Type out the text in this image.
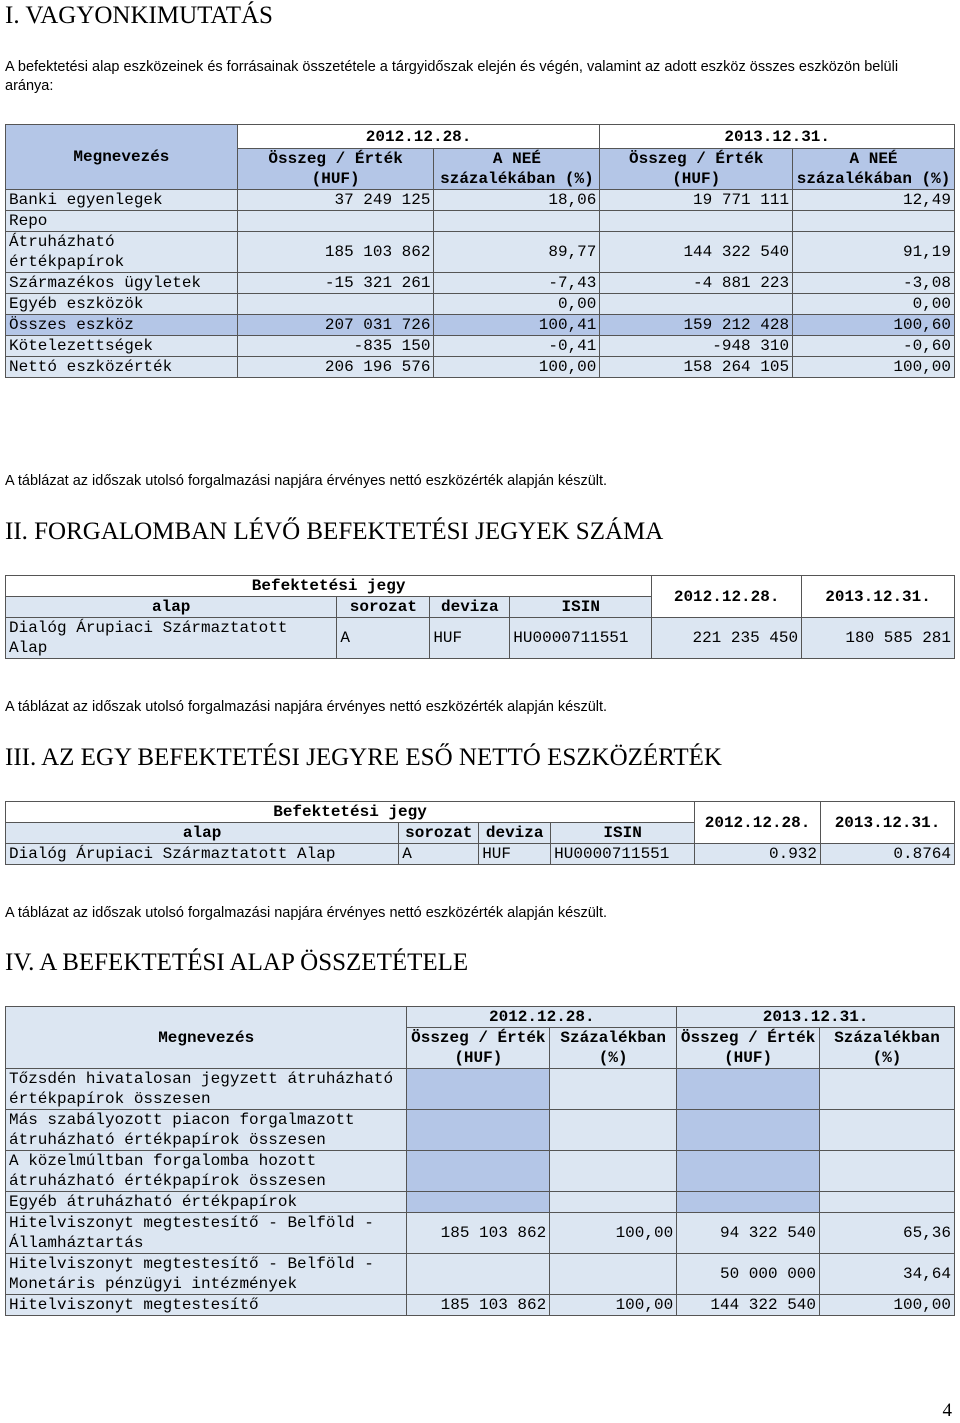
I. VAGYONKIMUTATÁS
A befektetési alap eszközeinek és forrásainak összetétele a tárgyidőszak elején és végén, valamint az adott eszköz összes eszközön belüli aránya:
Megnevezés	2012.12.28.		2013.12.31.	
	Összeg / Érték (HUF)	A NEÉ százalékában (%)	Összeg / Érték (HUF)	A NEÉ százalékában (%)

Banki egyenlegek	37 249 125	18,06	19 771 111	12,49
Repo				
Átruházható értékpapírok	185 103 862	89,77	144 322 540	91,19
Származékos ügyletek	-15 321 261	-7,43	-4 881 223	-3,08
Egyéb eszközök		0,00		0,00
Összes eszköz	207 031 726	100,41	159 212 428	100,60
Kötelezettségek	-835 150	-0,41	-948 310	-0,60
Nettó eszközérték	206 196 576	100,00	158 264 105	100,00
A táblázat az időszak utolsó forgalmazási napjára érvényes nettó eszközérték alapján készült.
II. FORGALOMBAN LÉVŐ BEFEKTETÉSI JEGYEK SZÁMA
Befektetési jegy				2012.12.28.	2013.12.31.
alap	sorozat	deviza	ISIN		
Dialóg Árupiaci Származtatott Alap	A	HUF	HU0000711551	221 235 450	180 585 281
A táblázat az időszak utolsó forgalmazási napjára érvényes nettó eszközérték alapján készült.
III. AZ EGY BEFEKTETÉSI JEGYRE ESŐ NETTÓ ESZKÖZÉRTÉK
Befektetési jegy				2012.12.28.	2013.12.31.
alap	sorozat	deviza	ISIN		
Dialóg Árupiaci Származtatott Alap	A	HUF	HU0000711551	0.932	0.8764
A táblázat az időszak utolsó forgalmazási napjára érvényes nettó eszközérték alapján készült.
IV. A BEFEKTETÉSI ALAP ÖSSZETÉTELE
Megnevezés	2012.12.28.		2013.12.31.	
	Összeg / Érték (HUF)	Százalékban (%)	Összeg / Érték (HUF)	Százalékban (%)
Tőzsdén hivatalosan jegyzett átruházható értékpapírok összesen				
Más szabályozott piacon forgalmazott átruházható értékpapírok összesen				
A közelmúltban forgalomba hozott átruházható értékpapírok összesen				
Egyéb átruházható értékpapírok				
Hitelviszonyt megtestesítő - Belföld - Államháztartás	185 103 862	100,00	94 322 540	65,36
Hitelviszonyt megtestesítő - Belföld - Monetáris pénzügyi intézmények			50 000 000	34,64
Hitelviszonyt megtestesítő	185 103 862	100,00	144 322 540	100,00
4
